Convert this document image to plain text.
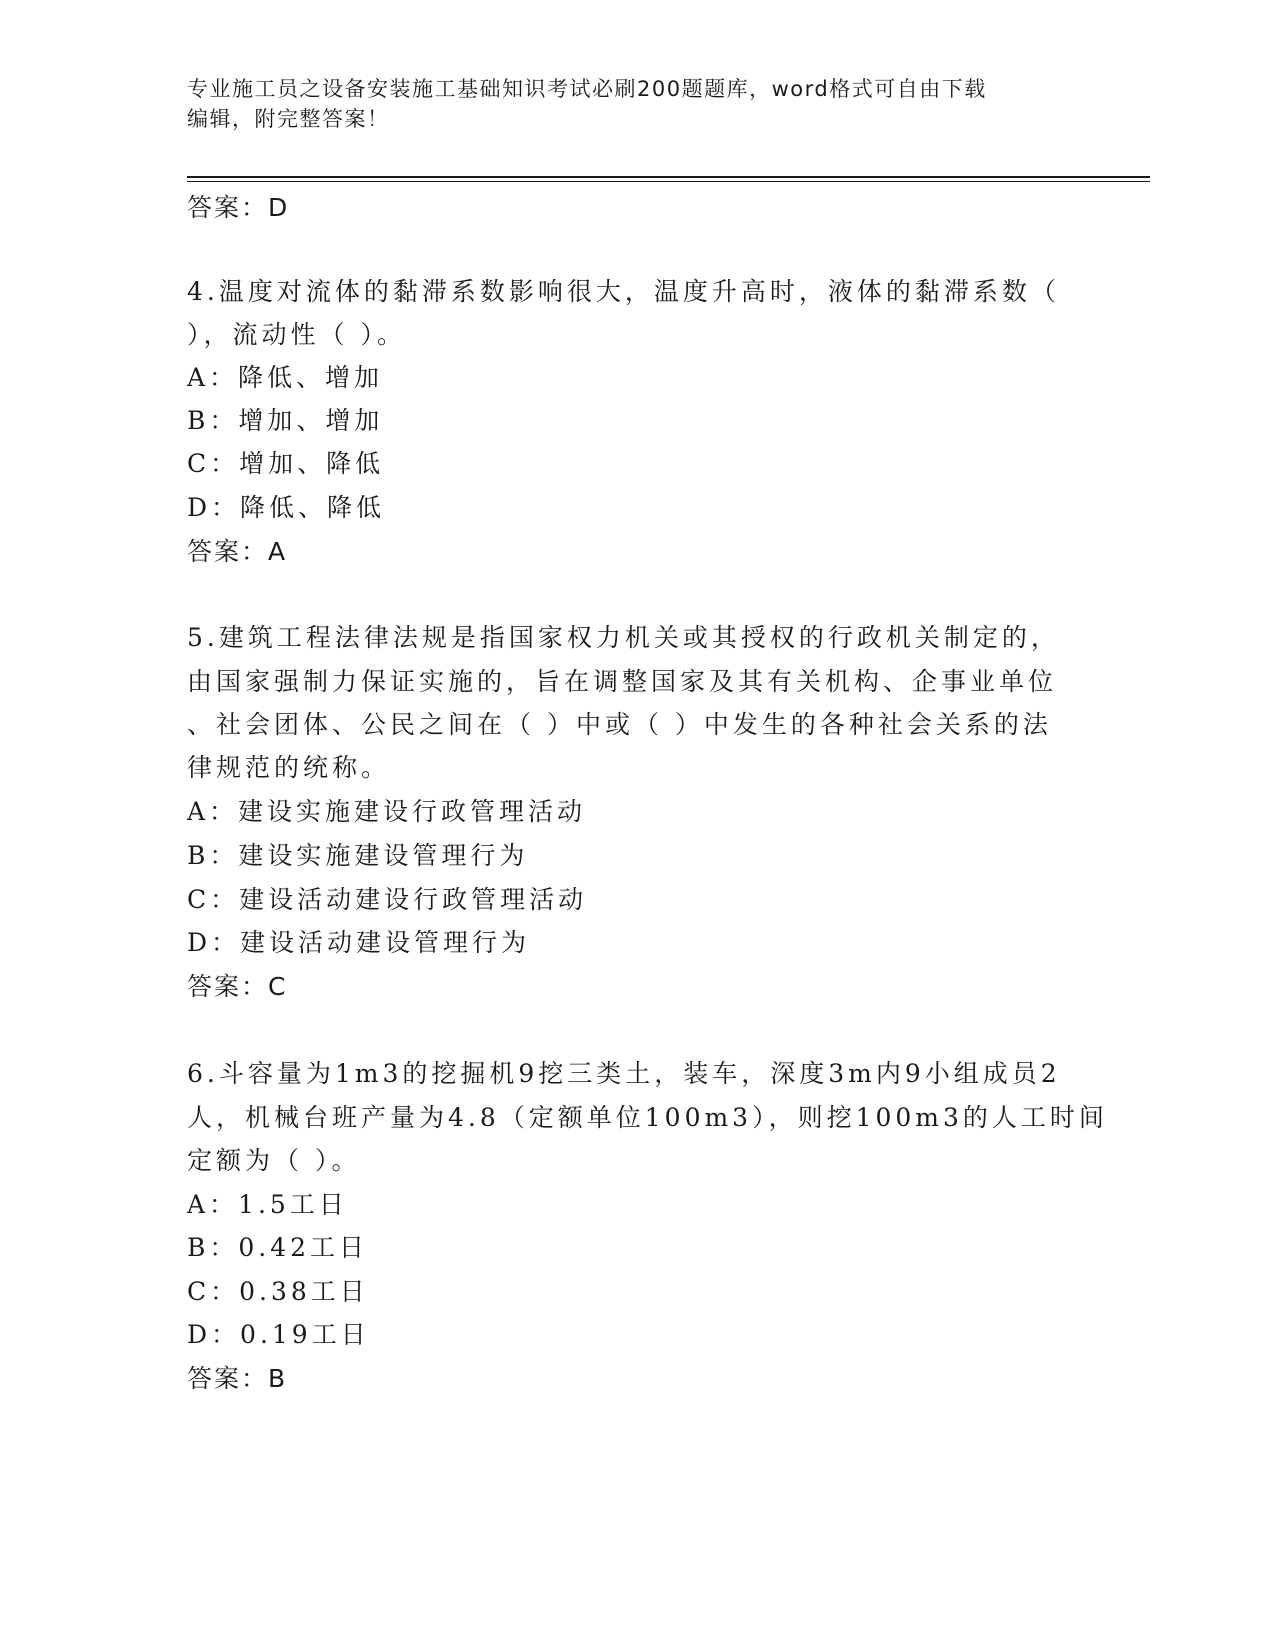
专业施工员之设备安装施工基础知识考试必刷200题题库，word格式可自由下载
编辑，附完整答案！
答案：D
4.温度对流体的黏滞系数影响很大，温度升高时，液体的黏滞系数（
），流动性（ ）。
A：降低、增加
B：增加、增加
C：增加、降低
D：降低、降低
答案：A
5.建筑工程法律法规是指国家权力机关或其授权的行政机关制定的，
由国家强制力保证实施的，旨在调整国家及其有关机构、企事业单位
、社会团体、公民之间在（ ）中或（ ）中发生的各种社会关系的法
律规范的统称。
A：建设实施建设行政管理活动
B：建设实施建设管理行为
C：建设活动建设行政管理活动
D：建设活动建设管理行为
答案：C
6.斗容量为1m3的挖掘机9挖三类土，装车，深度3m内9小组成员2
人，机械台班产量为4.8（定额单位100m3），则挖100m3的人工时间
定额为（ ）。
A：1.5工日
B：0.42工日
C：0.38工日
D：0.19工日
答案：B
